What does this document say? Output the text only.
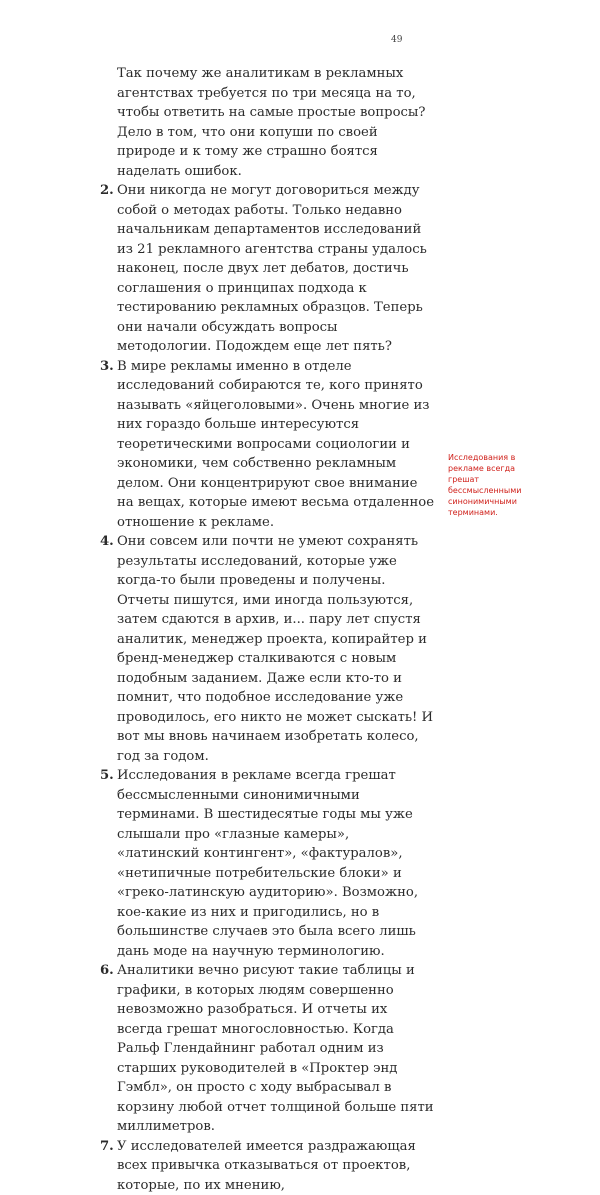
49

Так почему же аналитикам в рекламных агентствах требуется по три месяца на то, чтобы ответить на самые простые вопросы? Дело в том, что они копуши по своей природе и к тому же страшно боятся наделать ошибок.

2. Они никогда не могут договориться между собой о методах работы. Только недавно начальникам департаментов исследований из 21 рекламного агентства страны удалось наконец, после двух лет дебатов, достичь соглашения о принципах подхода к тестированию рекламных образцов. Теперь они начали обсуждать вопросы методологии. Подождем еще лет пять?
3. В мире рекламы именно в отделе исследований собираются те, кого принято называть «яйцеголовыми». Очень многие из них гораздо больше интересуются теоретическими вопросами социологии и экономики, чем собственно рекламным делом. Они концентрируют свое внимание на вещах, которые имеют весьма отдаленное отношение к рекламе.
4. Они совсем или почти не умеют сохранять результаты исследований, которые уже когда-то были проведены и получены. Отчеты пишутся, ими иногда пользуются, затем сдаются в архив, и... пару лет спустя аналитик, менеджер проекта, копирайтер и бренд-менеджер сталкиваются с новым подобным заданием. Даже если кто-то и помнит, что подобное исследование уже проводилось, его никто не может сыскать! И вот мы вновь начинаем изобретать колесо, год за годом.
5. Исследования в рекламе всегда грешат бессмысленными синонимичными терминами. В шестидесятые годы мы уже слышали про «глазные камеры», «латинский контингент», «фактуралов», «нетипичные потребительские блоки» и «греко-латинскую аудиторию». Возможно, кое-какие из них и пригодились, но в большинстве случаев это была всего лишь дань моде на научную терминологию.
6. Аналитики вечно рисуют такие таблицы и графики, в которых людям совершенно невозможно разобраться. И отчеты их всегда грешат многословностью. Когда Ральф Глендайнинг работал одним из старших руководителей в «Проктер энд Гэмбл», он просто с ходу выбрасывал в корзину любой отчет толщиной больше пяти миллиметров.
7. У исследователей имеется раздражающая всех привычка отказываться от проектов, которые, по их мнению,
Исследования в рекламе всегда грешат бессмысленными синонимичными терминами.
